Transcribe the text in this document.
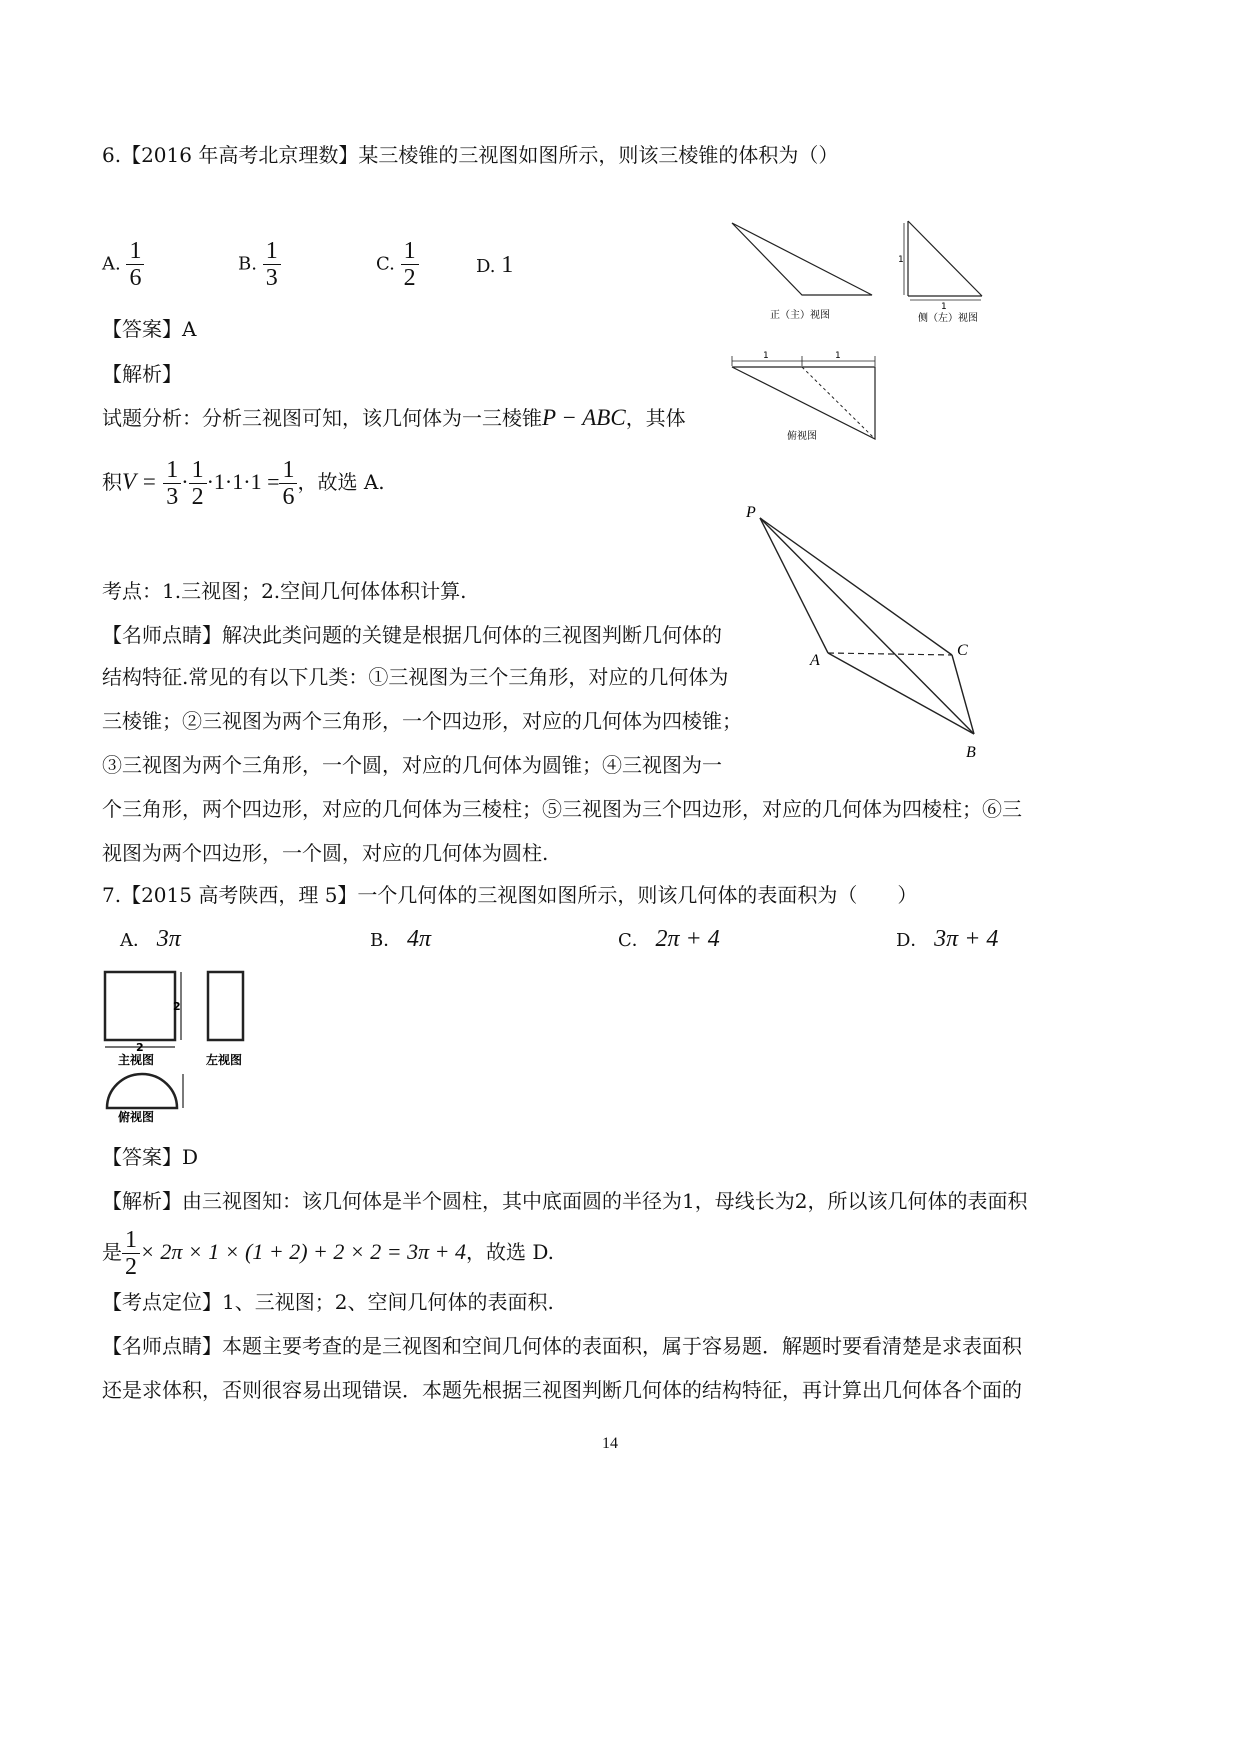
6.【2016 年高考北京理数】某三棱锥的三视图如图所示，则该三棱锥的体积为（）
A. $\frac{1}{6}$	B. $\frac{1}{3}$	C. $\frac{1}{2}$	D. 1
【答案】A
【解析】
试题分析：分析三视图可知，该几何体为一三棱锥P − ABC，其体
积$V = \frac{1}{3} \cdot \frac{1}{2} \cdot 1\cdot 1\cdot 1 = \frac{1}{6}$ ，故选 A.
考点：1.三视图；2.空间几何体体积计算.
【名师点睛】解决此类问题的关键是根据几何体的三视图判断几何体的
结构特征.常见的有以下几类：①三视图为三个三角形，对应的几何体为
三棱锥；②三视图为两个三角形，一个四边形，对应的几何体为四棱锥；
③三视图为两个三角形，一个圆，对应的几何体为圆锥；④三视图为一
个三角形，两个四边形，对应的几何体为三棱柱；⑤三视图为三个四边形，对应的几何体为四棱柱；⑥三
视图为两个四边形，一个圆，对应的几何体为圆柱.
正（主）视图
1
1
侧（左）视图
1	1
俯视图
P
A
C
B
7.【2015 高考陕西，理 5】一个几何体的三视图如图所示，则该几何体的表面积为（　　）
A． 3π	B． 4π	C． 2π + 4	D． 3π + 4
2
2
主视图	左视图
俯视图
【答案】D
【解析】由三视图知：该几何体是半个圆柱，其中底面圆的半径为1，母线长为2，所以该几何体的表面积
是 $\frac{1}{2} \times 2\pi \times 1 \times (1 + 2) + 2 \times 2 = 3\pi + 4$，故选 D.
【考点定位】1、三视图；2、空间几何体的表面积.
【名师点睛】本题主要考查的是三视图和空间几何体的表面积，属于容易题．解题时要看清楚是求表面积
还是求体积，否则很容易出现错误．本题先根据三视图判断几何体的结构特征，再计算出几何体各个面的
14
